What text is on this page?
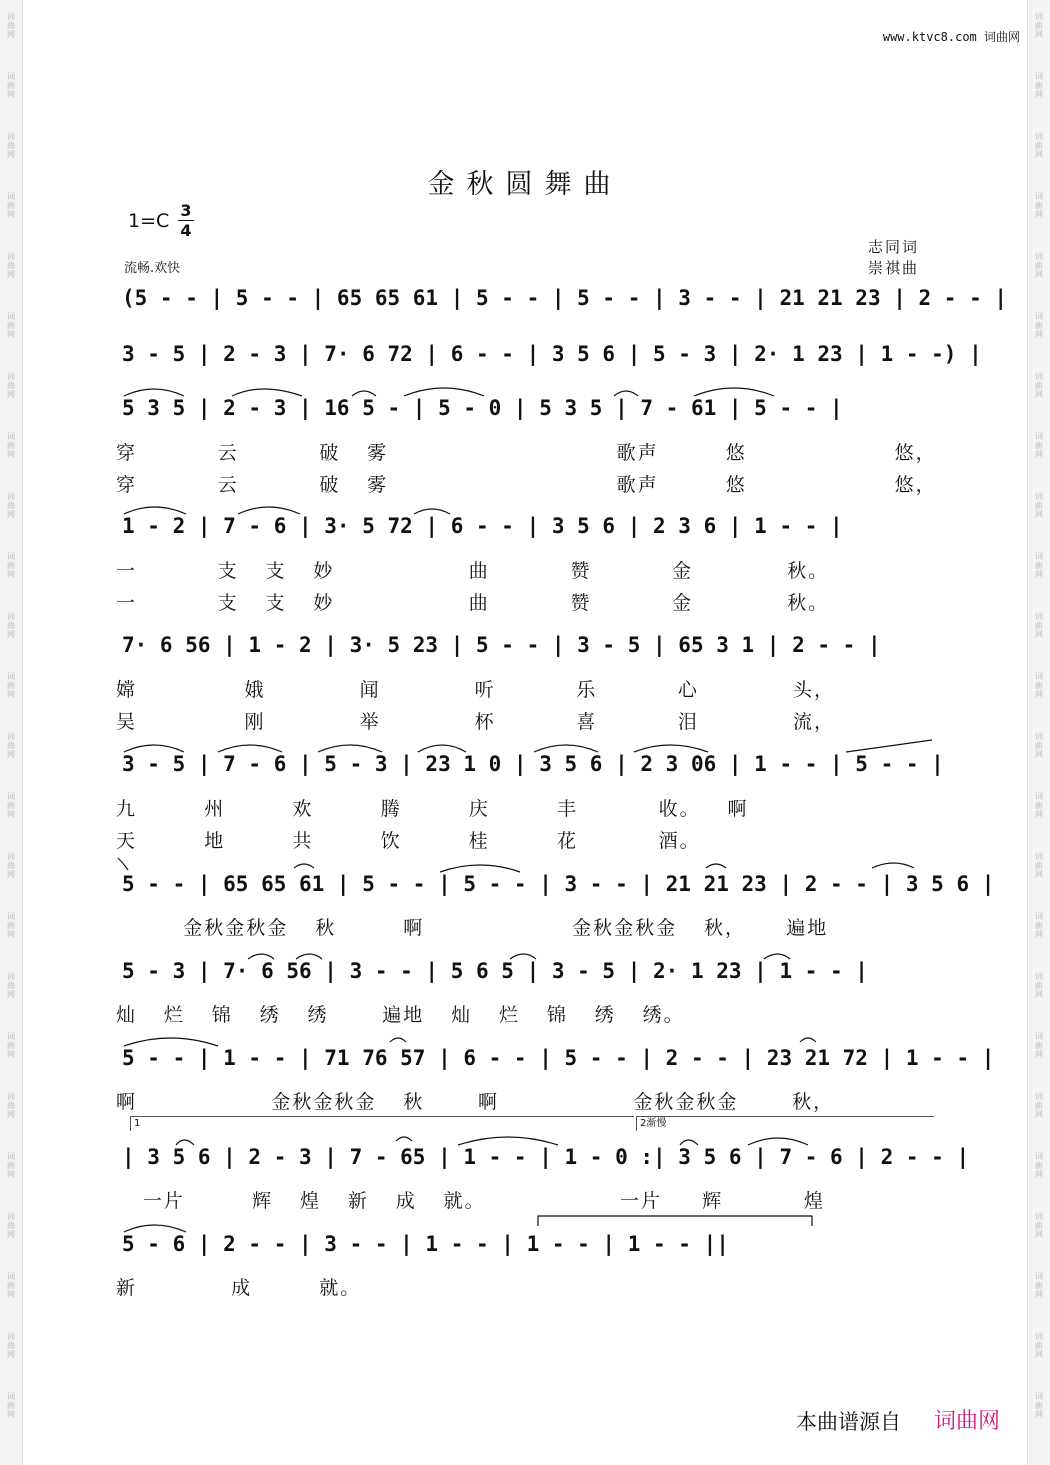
词
曲
网
词
曲
网
词
曲
网
词
曲
网
词
曲
网
词
曲
网
词
曲
网
词
曲
网
词
曲
网
词
曲
网
词
曲
网
词
曲
网
词
曲
网
词
曲
网
词
曲
网
词
曲
网
词
曲
网
词
曲
网
词
曲
网
词
曲
网
词
曲
网
词
曲
网
词
曲
网
词
曲
网
词
曲
网
词
曲
网
词
曲
网
词
曲
网
词
曲
网
词
曲
网
词
曲
网
词
曲
网
词
曲
网
词
曲
网
词
曲
网
词
曲
网
词
曲
网
词
曲
网
词
曲
网
词
曲
网
词
曲
网
词
曲
网
词
曲
网
词
曲
网
词
曲
网
词
曲
网
词
曲
网
词
曲
网
www.ktvc8.com 词曲网
金秋圆舞曲
1=C 3
4
流畅.欢快
志同词
崇祺曲
(5 - - | 5 - - | 65 65 61 | 5 - - | 5 - - | 3 - - | 21 21 23 | 2 - - |
3 - 5 | 2 - 3 | 7· 6 72 | 6 - - | 3 5 6 | 5 - 3 | 2· 1 23 | 1 - -) |
5 3 5 | 2 - 3 | 16 5 - | 5 - 0 | 5 3 5 | 7 - 61 | 5 - - |
穿      云      破  雾                 歌声     悠           悠，
穿      云      破  雾                 歌声     悠           悠，
1 - 2 | 7 - 6 | 3· 5 72 | 6 - - | 3 5 6 | 2 3 6 | 1 - - |
一      支  支  妙          曲      赞      金       秋。
一      支  支  妙          曲      赞      金       秋。
7· 6 56 | 1 - 2 | 3· 5 23 | 5 - - | 3 - 5 | 65 3 1 | 2 - - |
嫦        娥       闻       听      乐      心       头，
吴        刚       举       杯      喜      泪       流，
3 - 5 | 7 - 6 | 5 - 3 | 23 1 0 | 3 5 6 | 2 3 06 | 1 - - | 5 - - |
九     州     欢     腾     庆     丰      收。  啊
天     地     共     饮     桂     花      酒。
5 - - | 65 65 61 | 5 - - | 5 - - | 3 - - | 21 21 23 | 2 - - | 3 5 6 |
金秋金秋金  秋     啊           金秋金秋金  秋，   遍地
5 - 3 | 7· 6 56 | 3 - - | 5 6 5 | 3 - 5 | 2· 1 23 | 1 - - |
灿  烂  锦  绣  绣    遍地  灿  烂  锦  绣  绣。
5 - - | 1 - - | 71 76 57 | 6 - - | 5 - - | 2 - - | 23 21 72 | 1 - - |
啊          金秋金秋金  秋    啊          金秋金秋金    秋，
1	2渐慢
| 3 5 6 | 2 - 3 | 7 - 65 | 1 - - | 1 - 0 :| 3 5 6 | 7 - 6 | 2 - - |
一片     辉  煌  新  成  就。          一片   辉      煌
5 - 6 | 2 - - | 3 - - | 1 - - | 1 - - | 1 - - ||
新       成     就。
本曲谱源自 词曲网
